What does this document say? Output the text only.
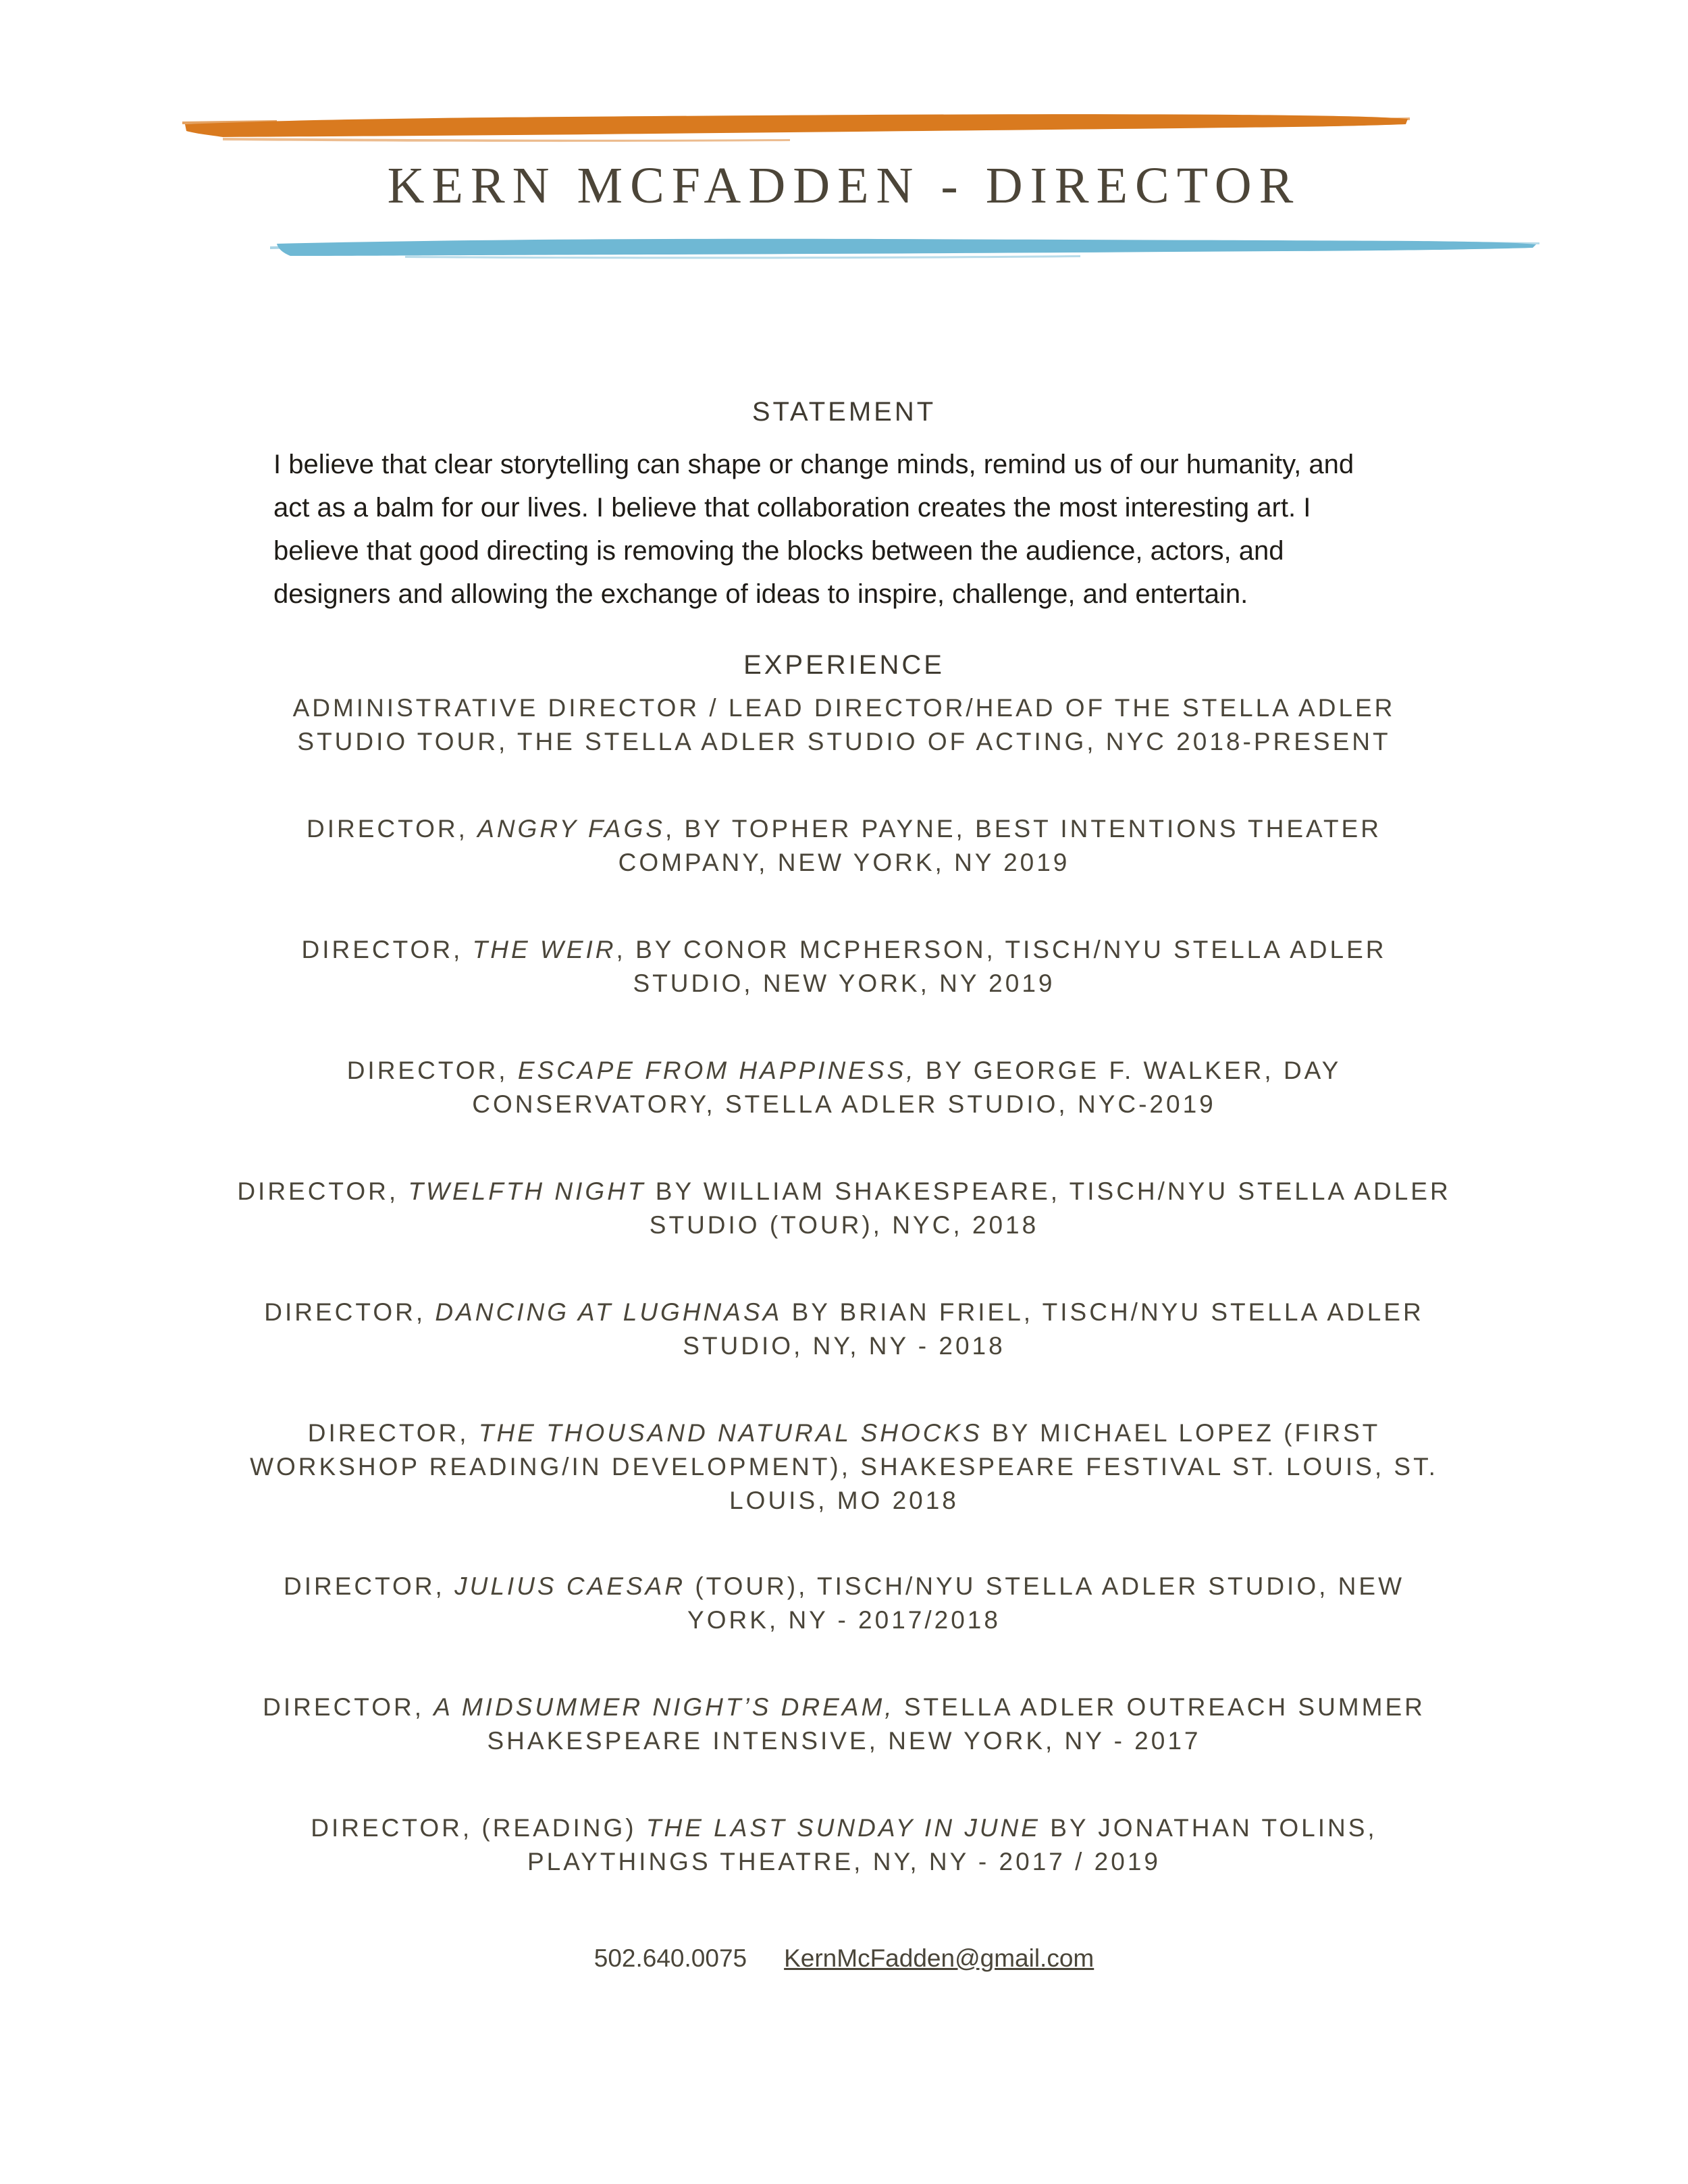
KERN MCFADDEN - DIRECTOR
STATEMENT
I believe that clear storytelling can shape or change minds, remind us of our humanity, and
act as a balm for our lives. I believe that collaboration creates the most interesting art. I
believe that good directing is removing the blocks between the audience, actors, and
designers and allowing the exchange of ideas to inspire, challenge, and entertain.
EXPERIENCE
ADMINISTRATIVE DIRECTOR / LEAD DIRECTOR/HEAD OF THE STELLA ADLER
STUDIO TOUR, THE STELLA ADLER STUDIO OF ACTING, NYC 2018-PRESENT
DIRECTOR, ANGRY FAGS, BY TOPHER PAYNE, BEST INTENTIONS THEATER
COMPANY, NEW YORK, NY 2019
DIRECTOR, THE WEIR, BY CONOR MCPHERSON, TISCH/NYU STELLA ADLER
STUDIO, NEW YORK, NY 2019
DIRECTOR, ESCAPE FROM HAPPINESS, BY GEORGE F. WALKER, DAY
CONSERVATORY, STELLA ADLER STUDIO, NYC-2019
DIRECTOR, TWELFTH NIGHT BY WILLIAM SHAKESPEARE, TISCH/NYU STELLA ADLER
STUDIO (TOUR), NYC, 2018
DIRECTOR, DANCING AT LUGHNASA BY BRIAN FRIEL, TISCH/NYU STELLA ADLER
STUDIO, NY, NY - 2018
DIRECTOR, THE THOUSAND NATURAL SHOCKS BY MICHAEL LOPEZ (FIRST
WORKSHOP READING/IN DEVELOPMENT), SHAKESPEARE FESTIVAL ST. LOUIS, ST.
LOUIS, MO 2018
DIRECTOR, JULIUS CAESAR (TOUR), TISCH/NYU STELLA ADLER STUDIO, NEW
YORK, NY - 2017/2018
DIRECTOR, A MIDSUMMER NIGHT’S DREAM, STELLA ADLER OUTREACH SUMMER
SHAKESPEARE INTENSIVE, NEW YORK, NY - 2017
DIRECTOR, (READING) THE LAST SUNDAY IN JUNE BY JONATHAN TOLINS,
PLAYTHINGS THEATRE, NY, NY - 2017 / 2019
502.640.0075 KernMcFadden@gmail.com
